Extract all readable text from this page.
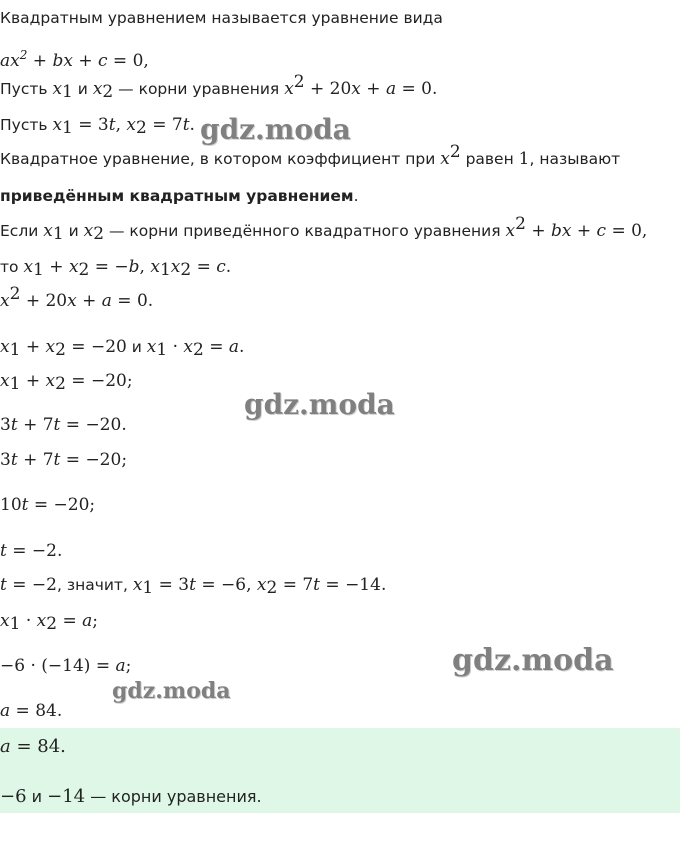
Квадратным уравнением называется уравнение вида
$ax^2$ + bx + c = 0,
Пусть $x_1$ и $x_2$ — корни уравнения $x^2 + 20x + a = 0$.
Пусть $x_1 = 3t$, $x_2 = 7t$.
Квадратное уравнение, в котором коэффициент при $x^2$ равен 1, называют
приведённым квадратным уравнением.
Если $x_1$ и $x_2$ — корни приведённого квадратного уравнения $x^2$ + bx + c = 0,
то $x_1 + x_2 = -b$, $x_1x_2 = c$.
$x^2 + 20x + a = 0$.
$x_1 + x_2 = -20$ и $x_1 \cdot x_2 = a$.
$x_1 + x_2 = -20$;
3t + 7t = −20.
3t + 7t = −20;
10t = −20;
t = −2.
t = −2, значит, $x_1 = 3t = -6$, $x_2 = 7t = -14$.
$x_1 \cdot x_2 = a$;
−6 · (−14) = a;
a = 84.
a = 84.
−6 и −14 — корни уравнения.
gdz.moda
gdz.moda
gdz.moda
gdz.moda
